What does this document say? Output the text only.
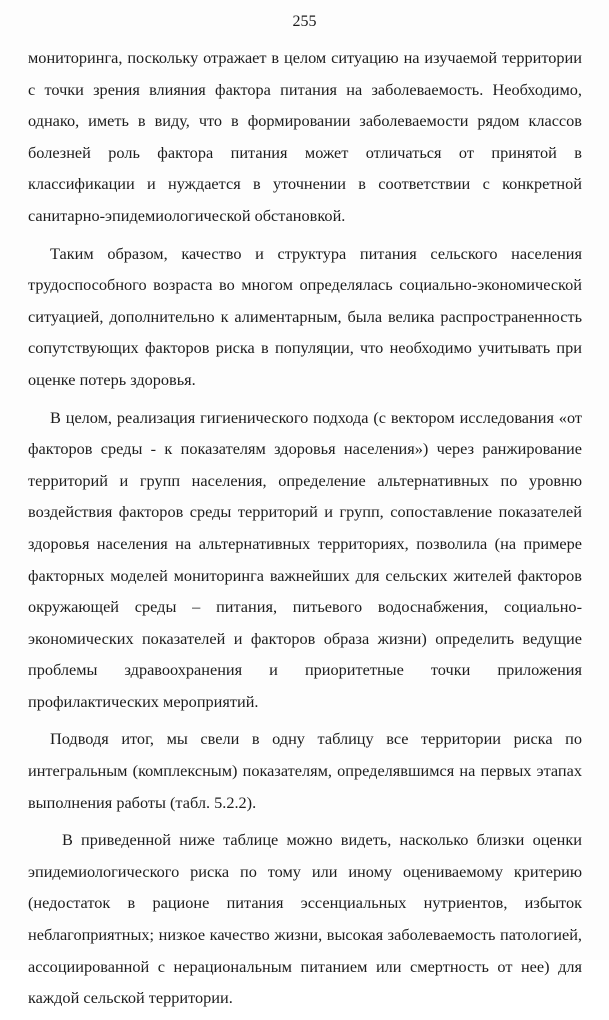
255

мониторинга, поскольку отражает в целом ситуацию на изучаемой территории с точки зрения влияния фактора питания на заболеваемость. Необходимо, однако, иметь в виду, что в формировании заболеваемости рядом классов болезней роль фактора питания может отличаться от принятой в классификации и нуждается в уточнении в соответствии с конкретной санитарно-эпидемиологической обстановкой.

Таким образом, качество и структура питания сельского населения трудоспособного возраста во многом определялась социально-экономической ситуацией, дополнительно к алиментарным, была велика распространенность сопутствующих факторов риска в популяции, что необходимо учитывать при оценке потерь здоровья.

В целом, реализация гигиенического подхода (с вектором исследования «от факторов среды - к показателям здоровья населения») через ранжирование территорий и групп населения, определение альтернативных по уровню воздействия факторов среды территорий и групп, сопоставление показателей здоровья населения на альтернативных территориях, позволила (на примере факторных моделей мониторинга важнейших для сельских жителей факторов окружающей среды – питания, питьевого водоснабжения, социально-экономических показателей и факторов образа жизни) определить ведущие проблемы здравоохранения и приоритетные точки приложения профилактических мероприятий.

Подводя итог, мы свели в одну таблицу все территории риска по интегральным (комплексным) показателям, определявшимся на первых этапах выполнения работы (табл. 5.2.2).

В приведенной ниже таблице можно видеть, насколько близки оценки эпидемиологического риска по тому или иному оцениваемому критерию (недостаток в рационе питания эссенциальных нутриентов, избыток неблагоприятных; низкое качество жизни, высокая заболеваемость патологией, ассоциированной с нерациональным питанием или смертность от нее) для каждой сельской территории.
